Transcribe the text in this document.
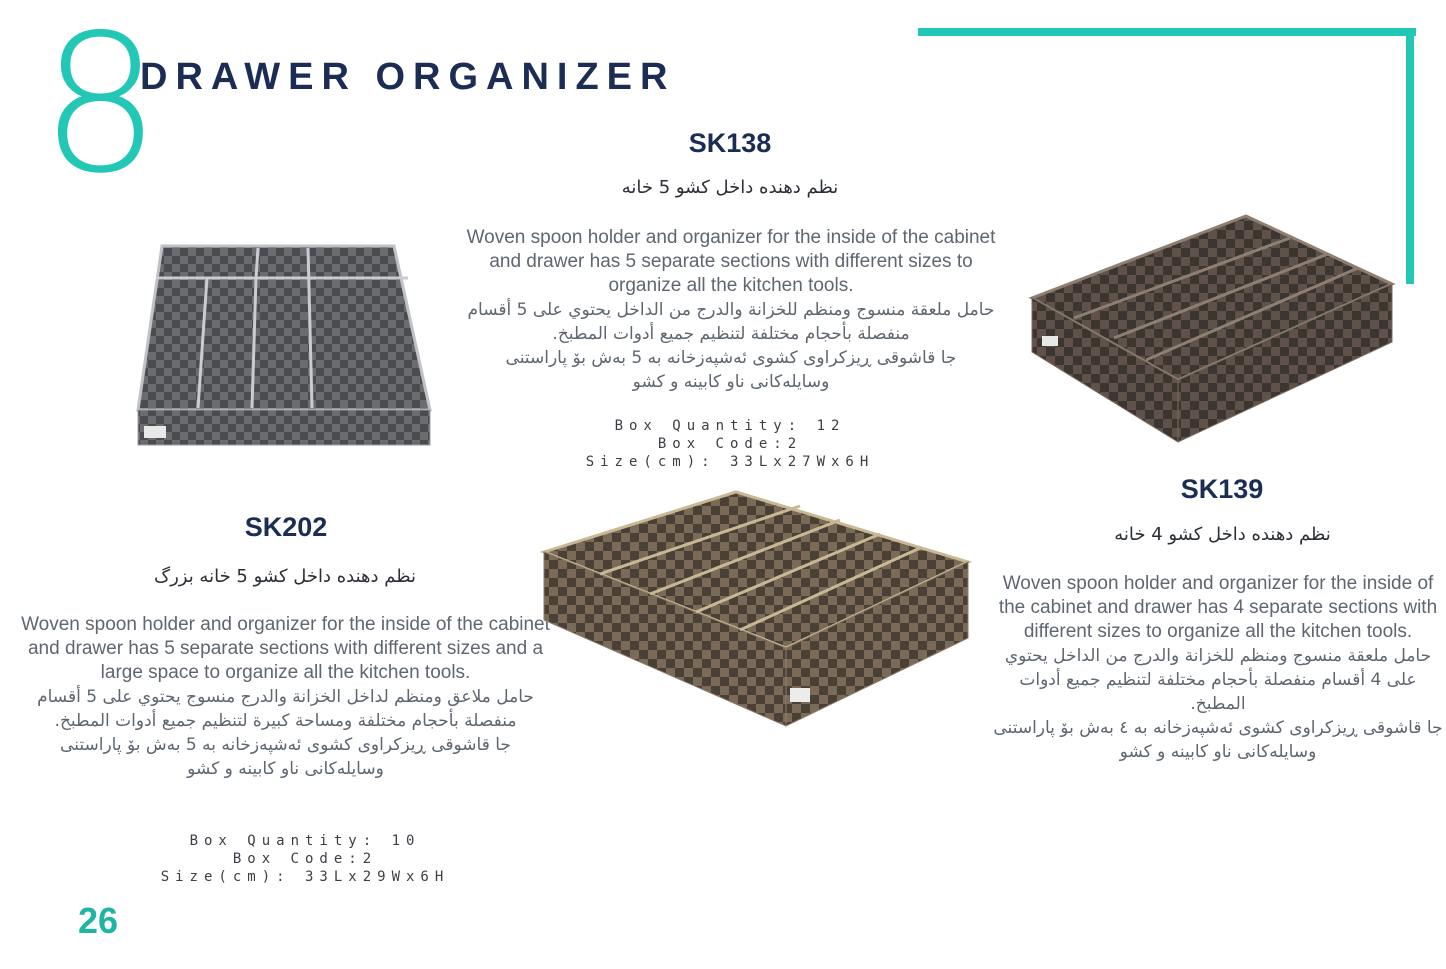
8
DRAWER ORGANIZER
SK138
نظم دهنده داخل کشو 5 خانه
Woven spoon holder and organizer for the inside of the cabinet and drawer has 5 separate sections with different sizes to organize all the kitchen tools.
حامل ملعقة منسوج ومنظم للخزانة والدرج من الداخل يحتوي على 5 أقسام منفصلة بأحجام مختلفة لتنظيم جميع أدوات المطبخ.
جا قاشوقی ڕیزکراوی کشوی ئەشپەزخانە بە 5 بەش بۆ پاراستنی وسایلەکانی ناو کابینە و کشو
Box Quantity: 12
Box Code:2
Size(cm): 33Lx27Wx6H
SK202
نظم دهنده داخل کشو 5 خانه بزرگ
Woven spoon holder and organizer for the inside of the cabinet and drawer has 5 separate sections with different sizes and a large space to organize all the kitchen tools.
حامل ملاعق ومنظم لداخل الخزانة والدرج منسوج يحتوي على 5 أقسام منفصلة بأحجام مختلفة ومساحة كبيرة لتنظيم جميع أدوات المطبخ.
جا قاشوقی ڕیزکراوی کشوی ئەشپەزخانە بە 5 بەش بۆ پاراستنی وسایلەکانی ناو کابینە و کشو
Box Quantity: 10
Box Code:2
Size(cm): 33Lx29Wx6H
SK139
نظم دهنده داخل کشو 4 خانه
Woven spoon holder and organizer for the inside of the cabinet and drawer has 4 separate sections with different sizes to organize all the kitchen tools.
حامل ملعقة منسوج ومنظم للخزانة والدرج من الداخل يحتوي على 4 أقسام منفصلة بأحجام مختلفة لتنظيم جميع أدوات المطبخ.
جا قاشوقی ڕیزکراوی کشوی ئەشپەزخانە بە ٤ بەش بۆ پاراستنی وسایلەکانی ناو کابینە و کشو
26
